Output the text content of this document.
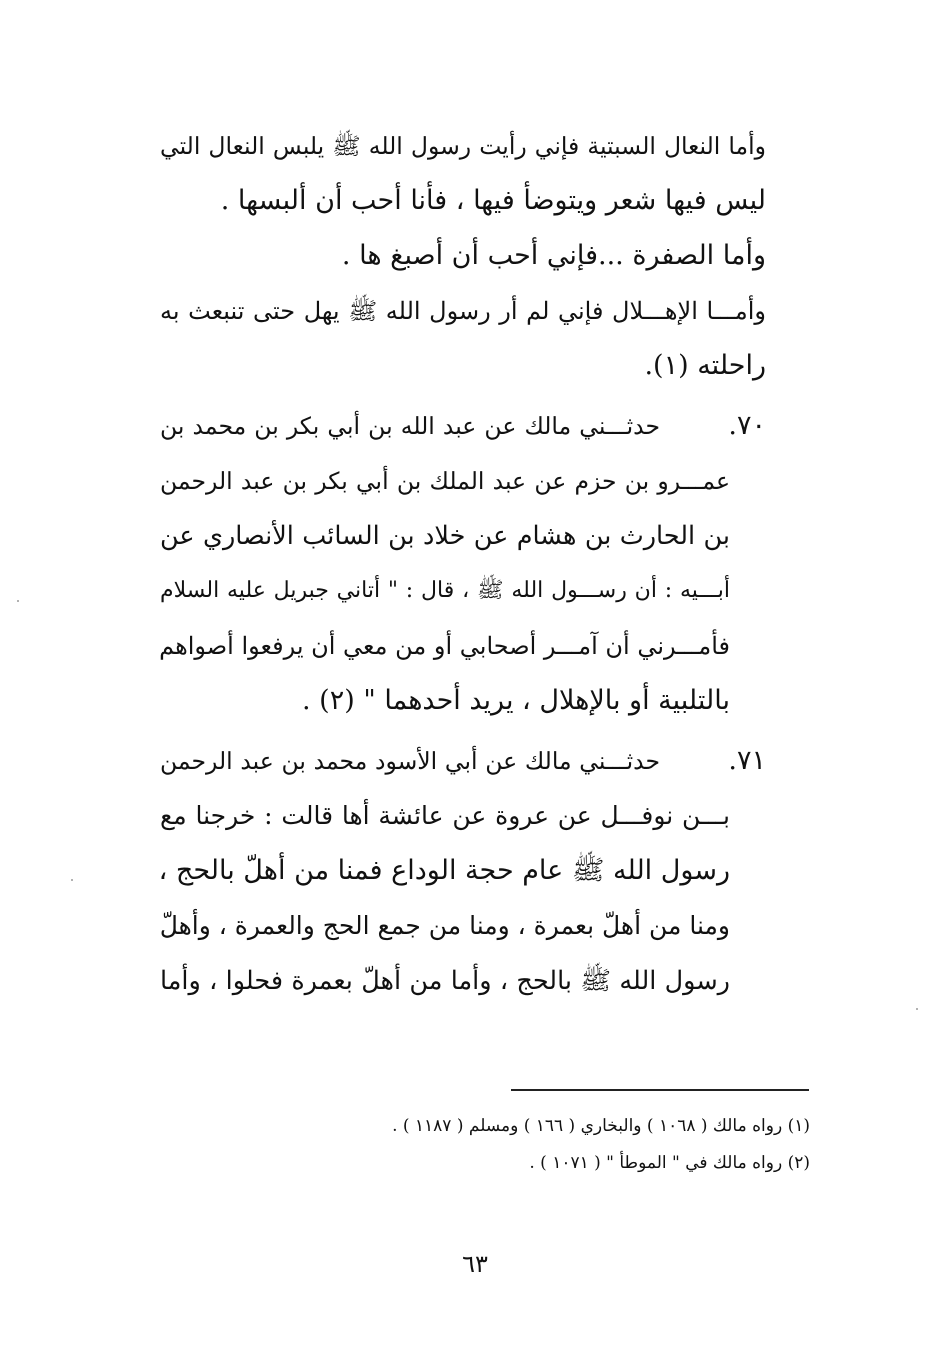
وأما النعال السبتية فإني رأيت رسول الله ﷺ يلبس النعال التي
ليس فيها شعر ويتوضأ فيها ، فأنا أحب أن ألبسها .
وأما الصفرة ...فإني أحب أن أصبغ ها .
وأمـــا الإهـــلال فإني لم أر رسول الله ﷺ يهل حتى تنبعث به
راحلته (١).
٧٠.
حدثـــني مالك عن عبد الله بن أبي بكر بن محمد بن
عمـــرو بن حزم عن عبد الملك بن أبي بكر بن عبد الرحمن
بن الحارث بن هشام عن خلاد بن السائب الأنصاري عن
أبـــيه : أن رســـول الله ﷺ ، قال : " أتاني جبريل عليه السلام
فأمـــرني أن آمـــر أصحابي أو من معي أن يرفعوا أصواهم
بالتلبية أو بالإهلال ، يريد أحدهما " (٢) .
٧١.
حدثـــني مالك عن أبي الأسود محمد بن عبد الرحمن
بـــن نوفـــل عن عروة عن عائشة أها قالت : خرجنا مع
رسول الله ﷺ عام حجة الوداع فمنا من أهلّ بالحج ،
ومنا من أهلّ بعمرة ، ومنا من جمع الحج والعمرة ، وأهلّ
رسول الله ﷺ بالحج ، وأما من أهلّ بعمرة فحلوا ، وأما
(١) رواه مالك ( ١٠٦٨ ) والبخاري ( ١٦٦ ) ومسلم ( ١١٨٧ ) .
(٢) رواه مالك في " الموطأ " ( ١٠٧١ ) .
٦٣
